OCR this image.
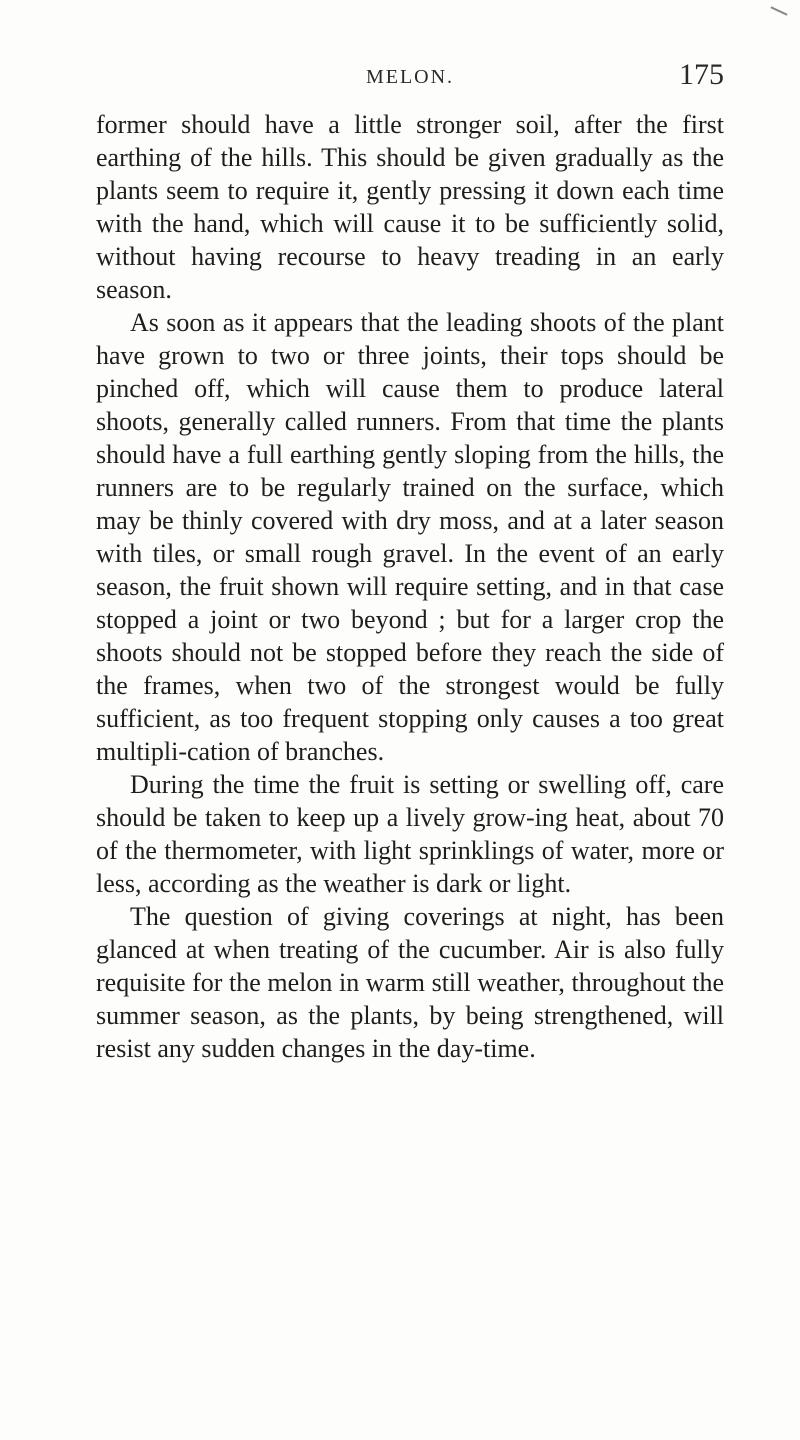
MELON.	175

former should have a little stronger soil, after the first earthing of the hills. This should be given gradually as the plants seem to require it, gently pressing it down each time with the hand, which will cause it to be sufficiently solid, without having recourse to heavy treading in an early season.

As soon as it appears that the leading shoots of the plant have grown to two or three joints, their tops should be pinched off, which will cause them to produce lateral shoots, generally called runners. From that time the plants should have a full earthing gently sloping from the hills, the runners are to be regularly trained on the surface, which may be thinly covered with dry moss, and at a later season with tiles, or small rough gravel. In the event of an early season, the fruit shown will require setting, and in that case stopped a joint or two beyond ; but for a larger crop the shoots should not be stopped before they reach the side of the frames, when two of the strongest would be fully sufficient, as too frequent stopping only causes a too great multipli-cation of branches.

During the time the fruit is setting or swelling off, care should be taken to keep up a lively grow-ing heat, about 70 of the thermometer, with light sprinklings of water, more or less, according as the weather is dark or light.

The question of giving coverings at night, has been glanced at when treating of the cucumber. Air is also fully requisite for the melon in warm still weather, throughout the summer season, as the plants, by being strengthened, will resist any sudden changes in the day-time.
